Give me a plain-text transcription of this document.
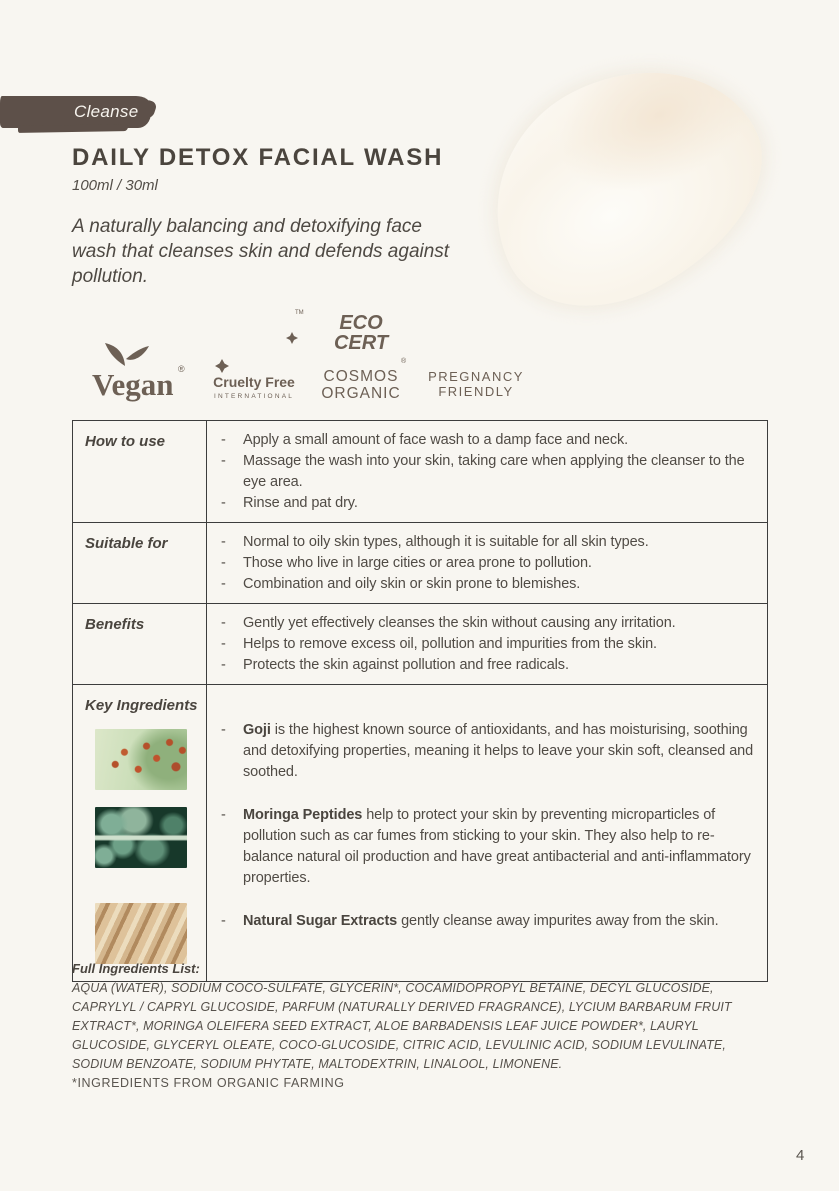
Cleanse
DAILY DETOX FACIAL WASH
100ml / 30ml

A naturally balancing and detoxifying face wash that cleanses skin and defends against pollution.

Vegan ®
Cruelty Free
INTERNATIONAL
TM ECO
CERT
®
COSMOS
ORGANIC
PREGNANCY
FRIENDLY
How to use	-	Apply a small amount of face wash to a damp face and neck.
-	Massage the wash into your skin, taking care when applying the cleanser to the eye area.
-	Rinse and pat dry.
Suitable for	-	Normal to oily skin types, although it is suitable for all skin types.
-	Those who live in large cities or area prone to pollution.
-	Combination and oily skin or skin prone to blemishes.
Benefits	-	Gently yet effectively cleanses the skin without causing any irritation.
-	Helps to remove excess oil, pollution and impurities from the skin.
-	Protects the skin against pollution and free radicals.
Key Ingredients
-	Goji is the highest known source of antioxidants, and has moisturising, soothing and detoxifying properties, meaning it helps to leave your skin soft, cleansed and soothed.
-	Moringa Peptides help to protect your skin by preventing microparticles of pollution such as car fumes from sticking to your skin. They also help to re-balance natural oil production and have great antibacterial and anti-inflammatory properties.
-	Natural Sugar Extracts gently cleanse away impurites away from the skin.
Full Ingredients List:
AQUA (WATER), SODIUM COCO-SULFATE, GLYCERIN*, COCAMIDOPROPYL BETAINE, DECYL GLUCOSIDE, CAPRYLYL / CAPRYL GLUCOSIDE, PARFUM (NATURALLY DERIVED FRAGRANCE), LYCIUM BARBARUM FRUIT EXTRACT*, MORINGA OLEIFERA SEED EXTRACT, ALOE BARBADENSIS LEAF JUICE POWDER*, LAURYL GLUCOSIDE, GLYCERYL OLEATE, COCO-GLUCOSIDE, CITRIC ACID, LEVULINIC ACID, SODIUM LEVULINATE, SODIUM BENZOATE, SODIUM PHYTATE, MALTODEXTRIN, LINALOOL, LIMONENE.
*INGREDIENTS FROM ORGANIC FARMING
4
